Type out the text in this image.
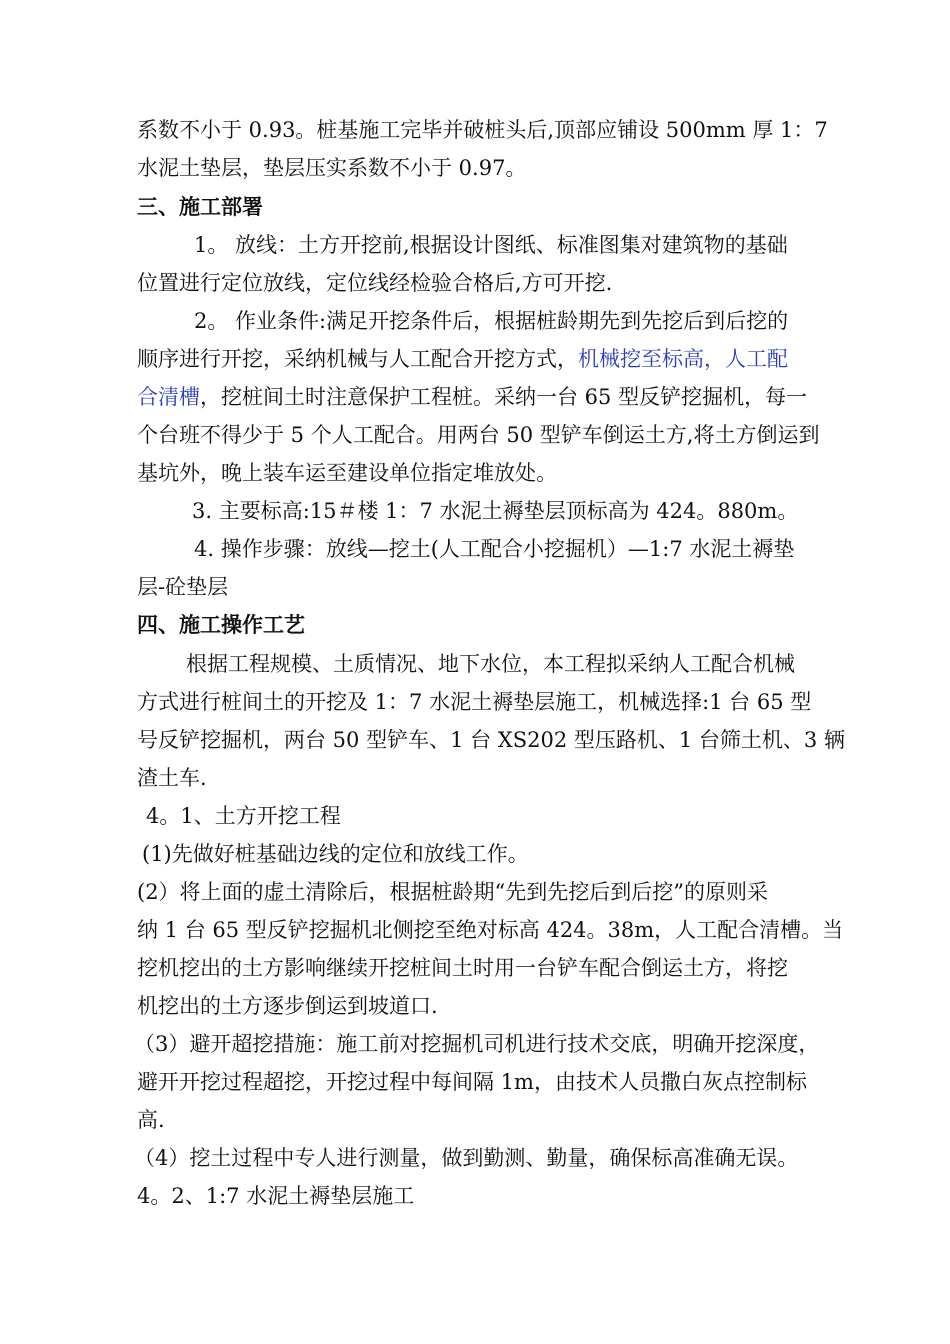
系数不小于 0.93。桩基施工完毕并破桩头后,顶部应铺设 500mm 厚 1：7
水泥土垫层，垫层压实系数不小于 0.97。
三、施工部署
1。 放线：土方开挖前,根据设计图纸、标准图集对建筑物的基础
位置进行定位放线，定位线经检验合格后,方可开挖.
2。 作业条件:满足开挖条件后，根据桩龄期先到先挖后到后挖的
顺序进行开挖，采纳机械与人工配合开挖方式，机械挖至标高，人工配
合清槽，挖桩间土时注意保护工程桩。采纳一台 65 型反铲挖掘机，每一
个台班不得少于 5 个人工配合。用两台 50 型铲车倒运土方,将土方倒运到
基坑外，晚上装车运至建设单位指定堆放处。
3. 主要标高:15＃楼 1：7 水泥土褥垫层顶标高为 424。880m。
4. 操作步骤：放线—挖土(人工配合小挖掘机）—1:7 水泥土褥垫
层-砼垫层
四、施工操作工艺
根据工程规模、土质情况、地下水位，本工程拟采纳人工配合机械
方式进行桩间土的开挖及 1：7 水泥土褥垫层施工，机械选择:1 台 65 型
号反铲挖掘机，两台 50 型铲车、1 台 XS202 型压路机、1 台筛土机、3 辆
渣土车.
4。1、土方开挖工程
(1)先做好桩基础边线的定位和放线工作。
(2）将上面的虚土清除后，根据桩龄期“先到先挖后到后挖”的原则采
纳 1 台 65 型反铲挖掘机北侧挖至绝对标高 424。38m，人工配合清槽。当
挖机挖出的土方影响继续开挖桩间土时用一台铲车配合倒运土方，将挖
机挖出的土方逐步倒运到坡道口.
（3）避开超挖措施：施工前对挖掘机司机进行技术交底，明确开挖深度，
避开开挖过程超挖，开挖过程中每间隔 1m，由技术人员撒白灰点控制标
高.
（4）挖土过程中专人进行测量，做到勤测、勤量，确保标高准确无误。
4。2、1:7 水泥土褥垫层施工
